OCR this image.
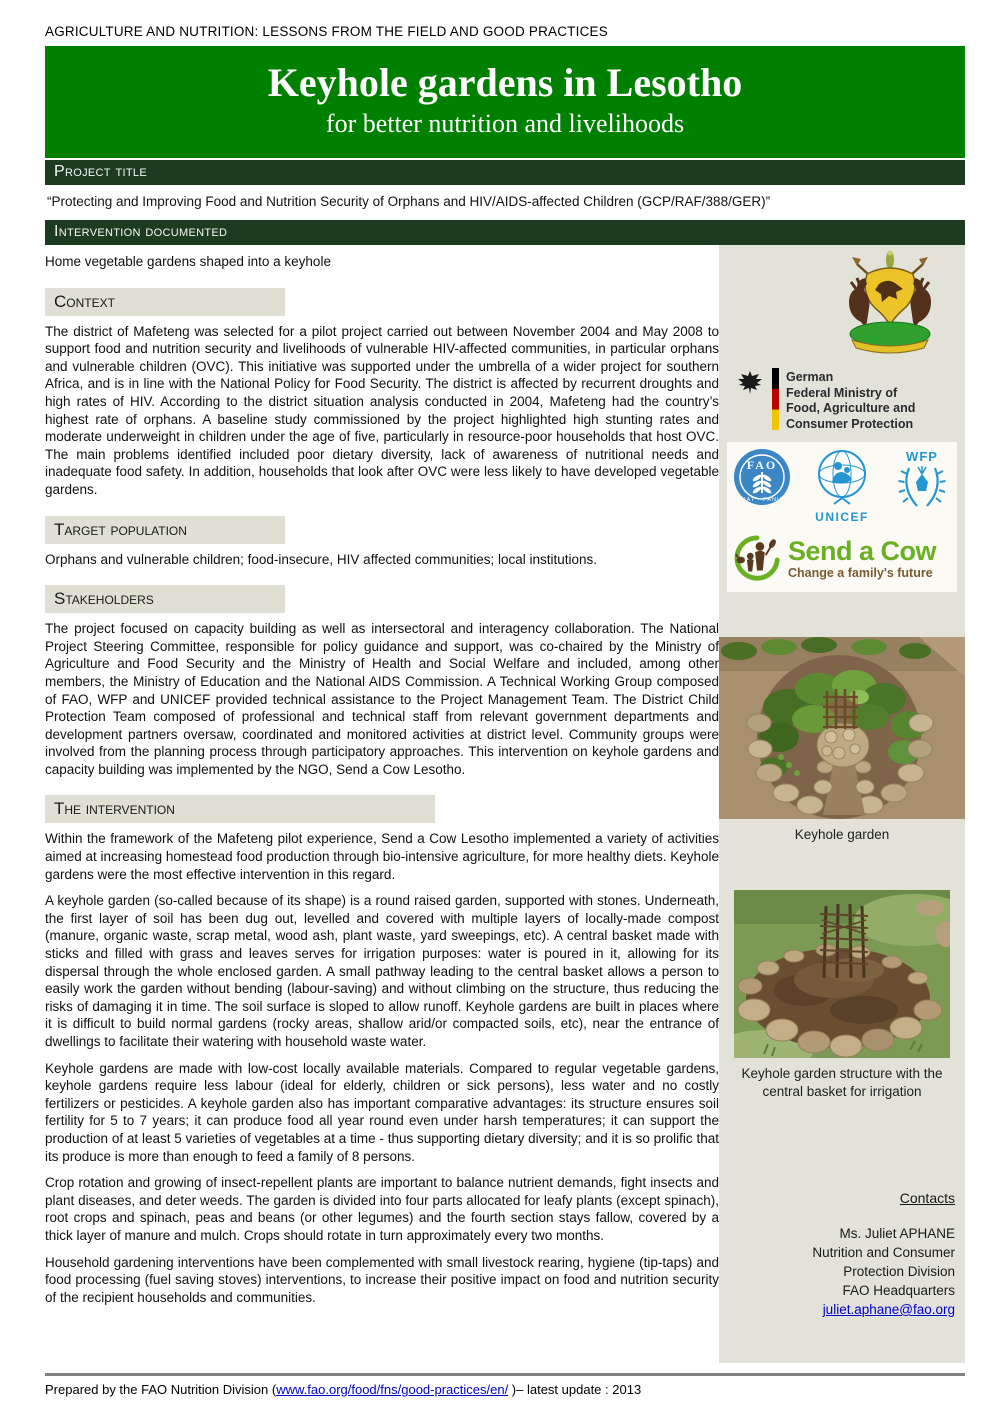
AGRICULTURE AND NUTRITION: LESSONS FROM THE FIELD AND GOOD PRACTICES
Keyhole gardens in Lesotho
for better nutrition and livelihoods
Project title

“Protecting and Improving Food and Nutrition Security of Orphans and HIV/AIDS-affected Children (GCP/RAF/388/GER)”

Intervention documented

Home vegetable gardens shaped into a keyhole

Context

The district of Mafeteng was selected for a pilot project carried out between November 2004 and May 2008 to support food and nutrition security and livelihoods of vulnerable HIV-affected communities, in particular orphans and vulnerable children (OVC). This initiative was supported under the umbrella of a wider project for southern Africa, and is in line with the National Policy for Food Security. The district is affected by recurrent droughts and high rates of HIV. According to the district situation analysis conducted in 2004, Mafeteng had the country’s highest rate of orphans. A baseline study commissioned by the project highlighted high stunting rates and moderate underweight in children under the age of five, particularly in resource-poor households that host OVC. The main problems identified included poor dietary diversity, lack of awareness of nutritional needs and inadequate food safety. In addition, households that look after OVC were less likely to have developed vegetable gardens.

Target population

Orphans and vulnerable children; food-insecure, HIV affected communities; local institutions.

Stakeholders

The project focused on capacity building as well as intersectoral and interagency collaboration. The National Project Steering Committee, responsible for policy guidance and support, was co-chaired by the Ministry of Agriculture and Food Security and the Ministry of Health and Social Welfare and included, among other members, the Ministry of Education and the National AIDS Commission. A Technical Working Group composed of FAO, WFP and UNICEF provided technical assistance to the Project Management Team. The District Child Protection Team composed of professional and technical staff from relevant government departments and development partners oversaw, coordinated and monitored activities at district level. Community groups were involved from the planning process through participatory approaches. This intervention on keyhole gardens and capacity building was implemented by the NGO, Send a Cow Lesotho.

The intervention

Within the framework of the Mafeteng pilot experience, Send a Cow Lesotho implemented a variety of activities aimed at increasing homestead food production through bio-intensive agriculture, for more healthy diets. Keyhole gardens were the most effective intervention in this regard.

A keyhole garden (so-called because of its shape) is a round raised garden, supported with stones. Underneath, the first layer of soil has been dug out, levelled and covered with multiple layers of locally-made compost (manure, organic waste, scrap metal, wood ash, plant waste, yard sweepings, etc). A central basket made with sticks and filled with grass and leaves serves for irrigation purposes: water is poured in it, allowing for its dispersal through the whole enclosed garden. A small pathway leading to the central basket allows a person to easily work the garden without bending (labour-saving) and without climbing on the structure, thus reducing the risks of damaging it in time. The soil surface is sloped to allow runoff. Keyhole gardens are built in places where it is difficult to build normal gardens (rocky areas, shallow arid/or compacted soils, etc), near the entrance of dwellings to facilitate their watering with household waste water.

Keyhole gardens are made with low-cost locally available materials. Compared to regular vegetable gardens, keyhole gardens require less labour (ideal for elderly, children or sick persons), less water and no costly fertilizers or pesticides. A keyhole garden also has important comparative advantages: its structure ensures soil fertility for 5 to 7 years; it can produce food all year round even under harsh temperatures; it can support the production of at least 5 varieties of vegetables at a time - thus supporting dietary diversity; and it is so prolific that its produce is more than enough to feed a family of 8 persons.

Crop rotation and growing of insect-repellent plants are important to balance nutrient demands, fight insects and plant diseases, and deter weeds. The garden is divided into four parts allocated for leafy plants (except spinach), root crops and spinach, peas and beans (or other legumes) and the fourth section stays fallow, covered by a thick layer of manure and mulch. Crops should rotate in turn approximately every two months.

Household gardening interventions have been complemented with small livestock rearing, hygiene (tip-taps) and food processing (fuel saving stoves) interventions, to increase their positive impact on food and nutrition security of the recipient households and communities.

German
Federal Ministry of
Food, Agriculture and
Consumer Protection
FAO
FIAT · PANIS
UNICEF
WFP
Send a Cow
Change a family's future
Keyhole garden
Keyhole garden structure with the central basket for irrigation
Contacts
Ms. Juliet APHANE
Nutrition and Consumer
Protection Division
FAO Headquarters
juliet.aphane@fao.org
Prepared by the FAO Nutrition Division (www.fao.org/food/fns/good-practices/en/ )– latest update : 2013
